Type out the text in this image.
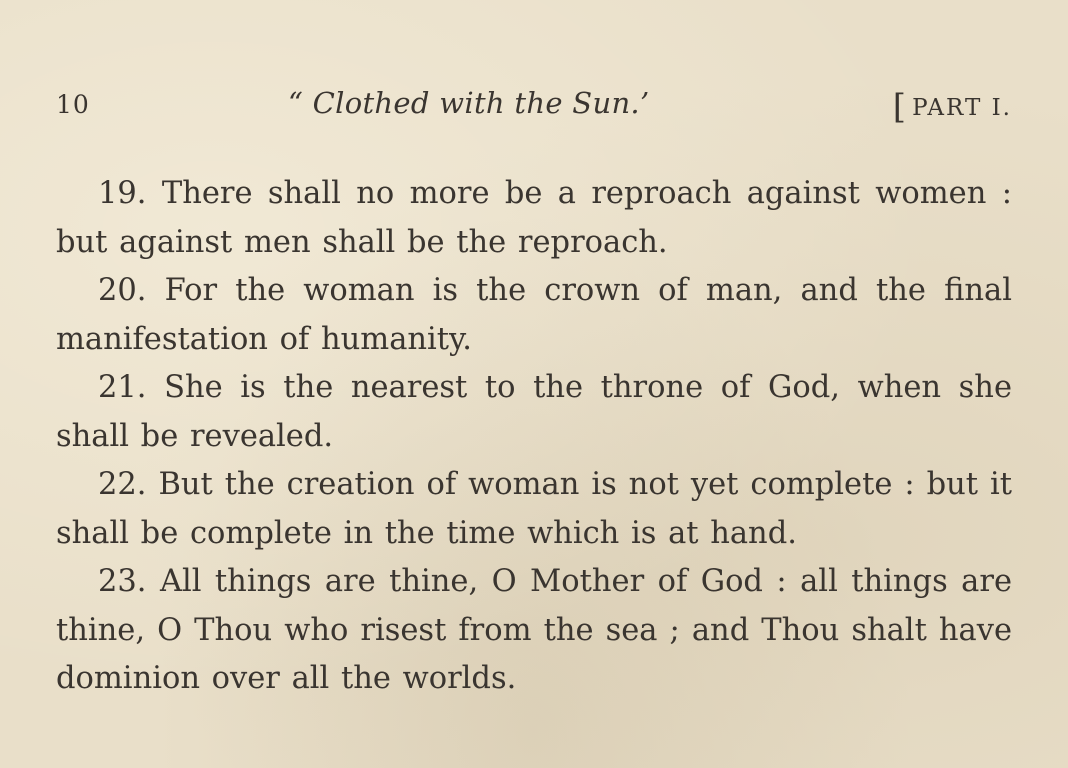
10	“ Clothed with the Sun.’	[ PART I.

19. There shall no more be a reproach against women : but against men shall be the reproach.

20. For the woman is the crown of man, and the final manifestation of humanity.

21. She is the nearest to the throne of God, when she shall be revealed.

22. But the creation of woman is not yet complete : but it shall be complete in the time which is at hand.

23. All things are thine, O Mother of God : all things are thine, O Thou who risest from the sea ; and Thou shalt have dominion over all the worlds.
